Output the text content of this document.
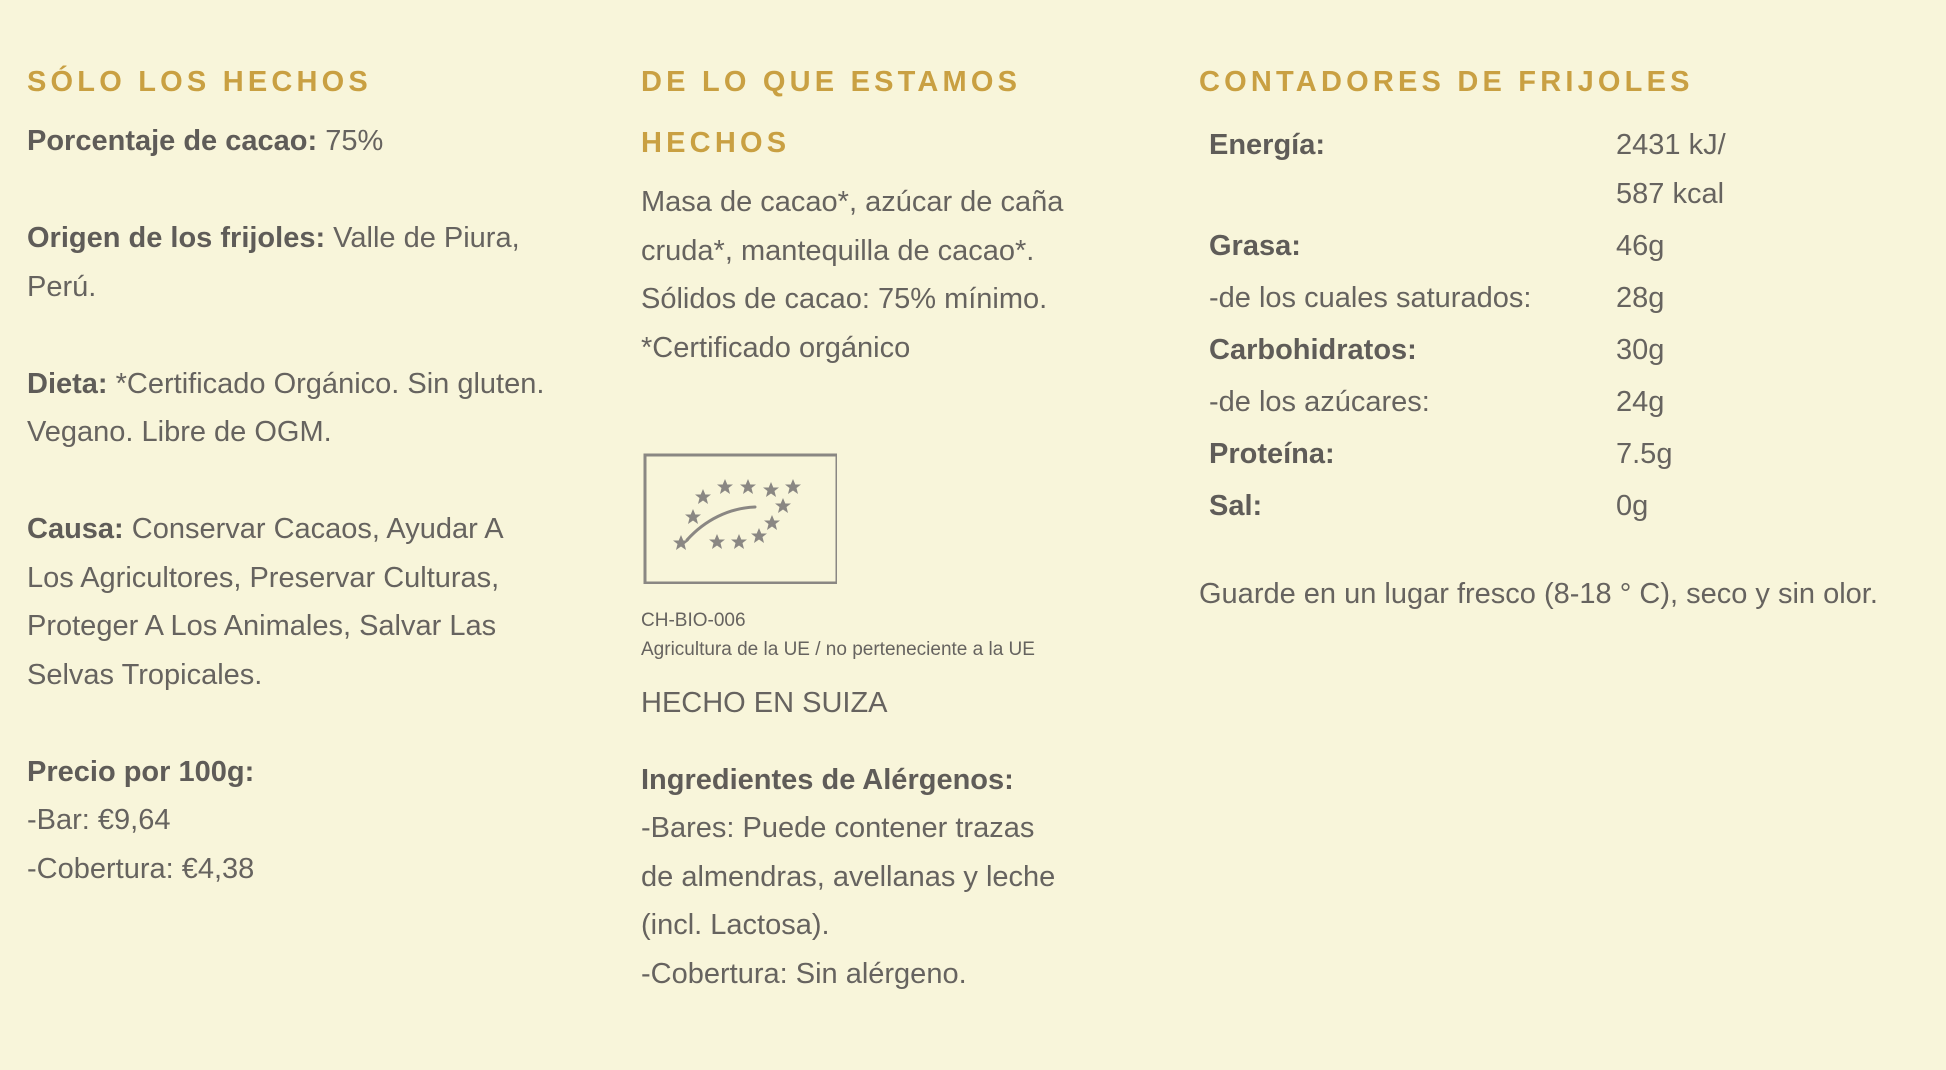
SÓLO LOS HECHOS
Porcentaje de cacao: 75%
Origen de los frijoles: Valle de Piura,
Perú.
Dieta: *Certificado Orgánico. Sin gluten.
Vegano. Libre de OGM.
Causa: Conservar Cacaos, Ayudar A
Los Agricultores, Preservar Culturas,
Proteger A Los Animales, Salvar Las
Selvas Tropicales.
Precio por 100g:
-Bar: €9,64
-Cobertura: €4,38
DE LO QUE ESTAMOS
HECHOS
Masa de cacao*, azúcar de caña
cruda*, mantequilla de cacao*.
Sólidos de cacao: 75% mínimo.
*Certificado orgánico
CH-BIO-006
Agricultura de la UE / no perteneciente a la UE
HECHO EN SUIZA
Ingredientes de Alérgenos:
-Bares: Puede contener trazas
de almendras, avellanas y leche
(incl. Lactosa).
-Cobertura: Sin alérgeno.
CONTADORES DE FRIJOLES
Energía:	2431 kJ/
587 kcal
Grasa:	46g
-de los cuales saturados:	28g
Carbohidratos:	30g
-de los azúcares:	24g
Proteína:	7.5g
Sal:	0g
Guarde en un lugar fresco (8-18 ° C), seco y sin olor.
